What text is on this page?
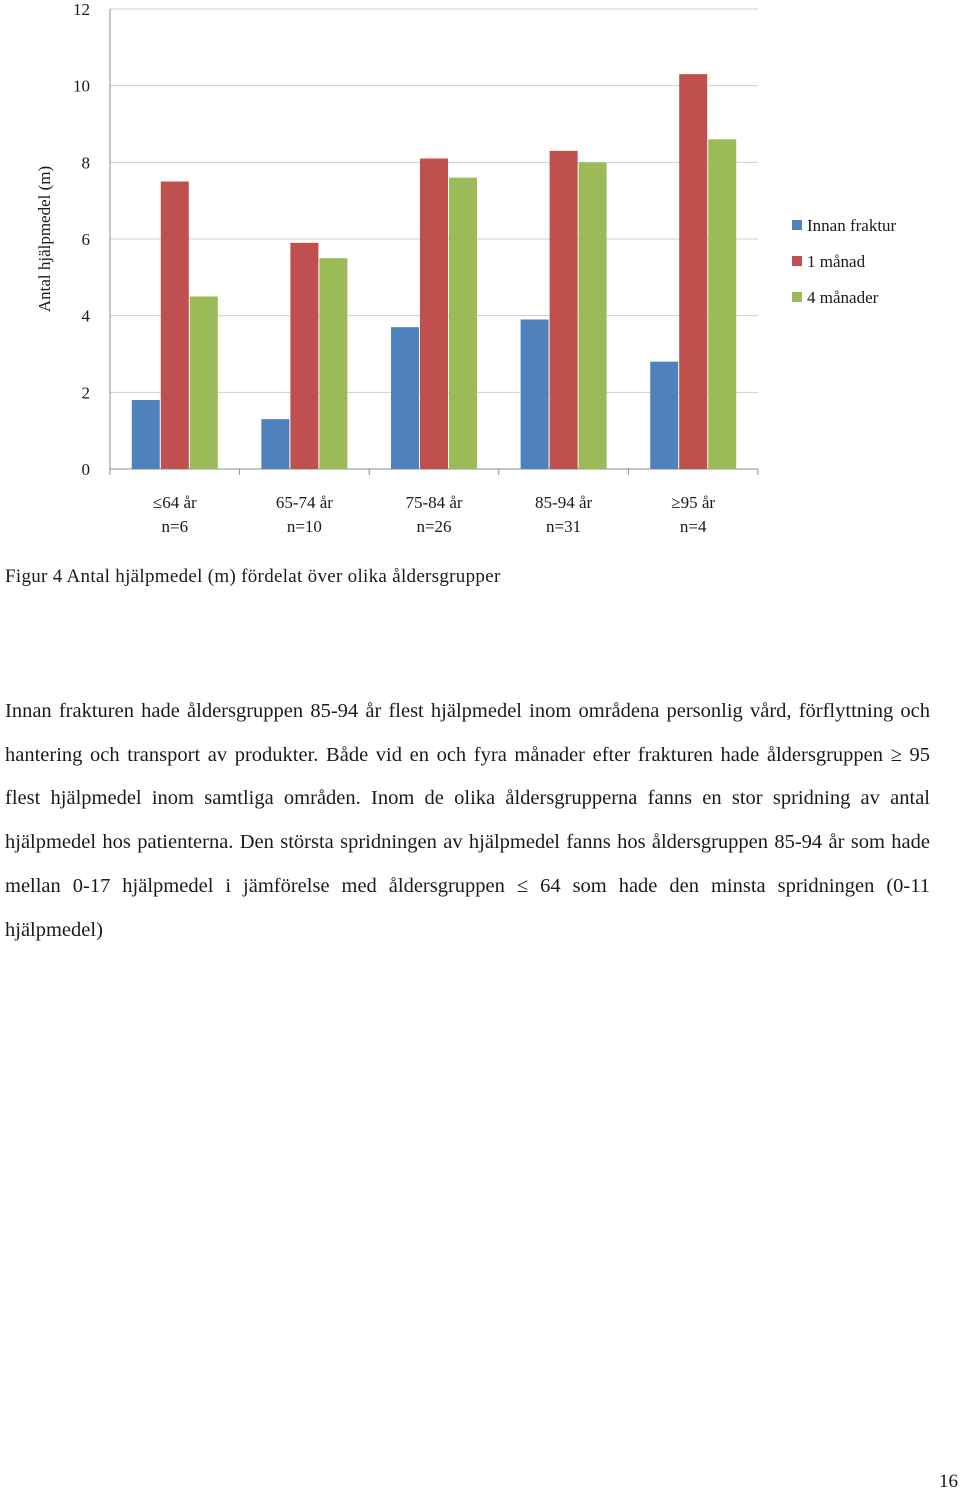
0
2
4
6
8
10
12
Antal hjälpmedel (m)
≤64 år
n=6
65-74 år
n=10
75-84 år
n=26
85-94 år
n=31
≥95 år
n=4
Innan fraktur
1 månad
4 månader

Figur 4 Antal hjälpmedel (m) fördelat över olika åldersgrupper

Innan frakturen hade åldersgruppen 85-94 år flest hjälpmedel inom områdena personlig vård, förflyttning och hantering och transport av produkter. Både vid en och fyra månader efter frakturen hade åldersgruppen ≥ 95 flest hjälpmedel inom samtliga områden. Inom de olika åldersgrupperna fanns en stor spridning av antal hjälpmedel hos patienterna. Den största spridningen av hjälpmedel fanns hos åldersgruppen 85-94 år som hade mellan 0-17 hjälpmedel i jämförelse med åldersgruppen ≤ 64 som hade den minsta spridningen (0-11 hjälpmedel)

16
